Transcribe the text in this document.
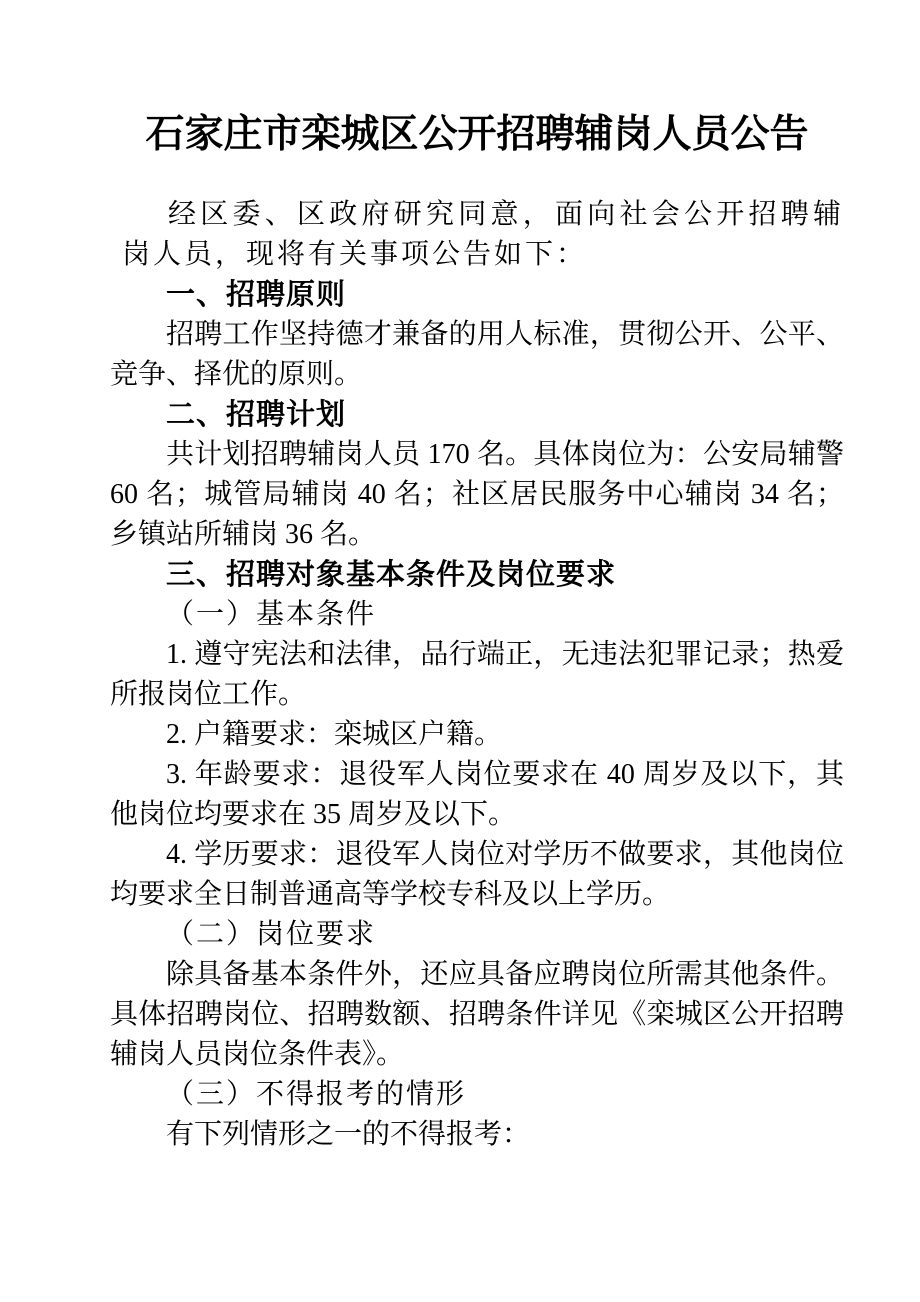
石家庄市栾城区公开招聘辅岗人员公告

经区委、区政府研究同意，面向社会公开招聘辅岗人员，现将有关事项公告如下：

一、招聘原则

招聘工作坚持德才兼备的用人标准，贯彻公开、公平、竞争、择优的原则。

二、招聘计划

共计划招聘辅岗人员 170 名。具体岗位为：公安局辅警 60 名；城管局辅岗 40 名；社区居民服务中心辅岗 34 名；乡镇站所辅岗 36 名。

三、招聘对象基本条件及岗位要求
（一）基本条件

1. 遵守宪法和法律，品行端正，无违法犯罪记录；热爱所报岗位工作。

2. 户籍要求：栾城区户籍。

3. 年龄要求：退役军人岗位要求在 40 周岁及以下，其他岗位均要求在 35 周岁及以下。

4. 学历要求：退役军人岗位对学历不做要求，其他岗位均要求全日制普通高等学校专科及以上学历。

（二）岗位要求

除具备基本条件外，还应具备应聘岗位所需其他条件。具体招聘岗位、招聘数额、招聘条件详见《栾城区公开招聘辅岗人员岗位条件表》。

（三）不得报考的情形

有下列情形之一的不得报考：
